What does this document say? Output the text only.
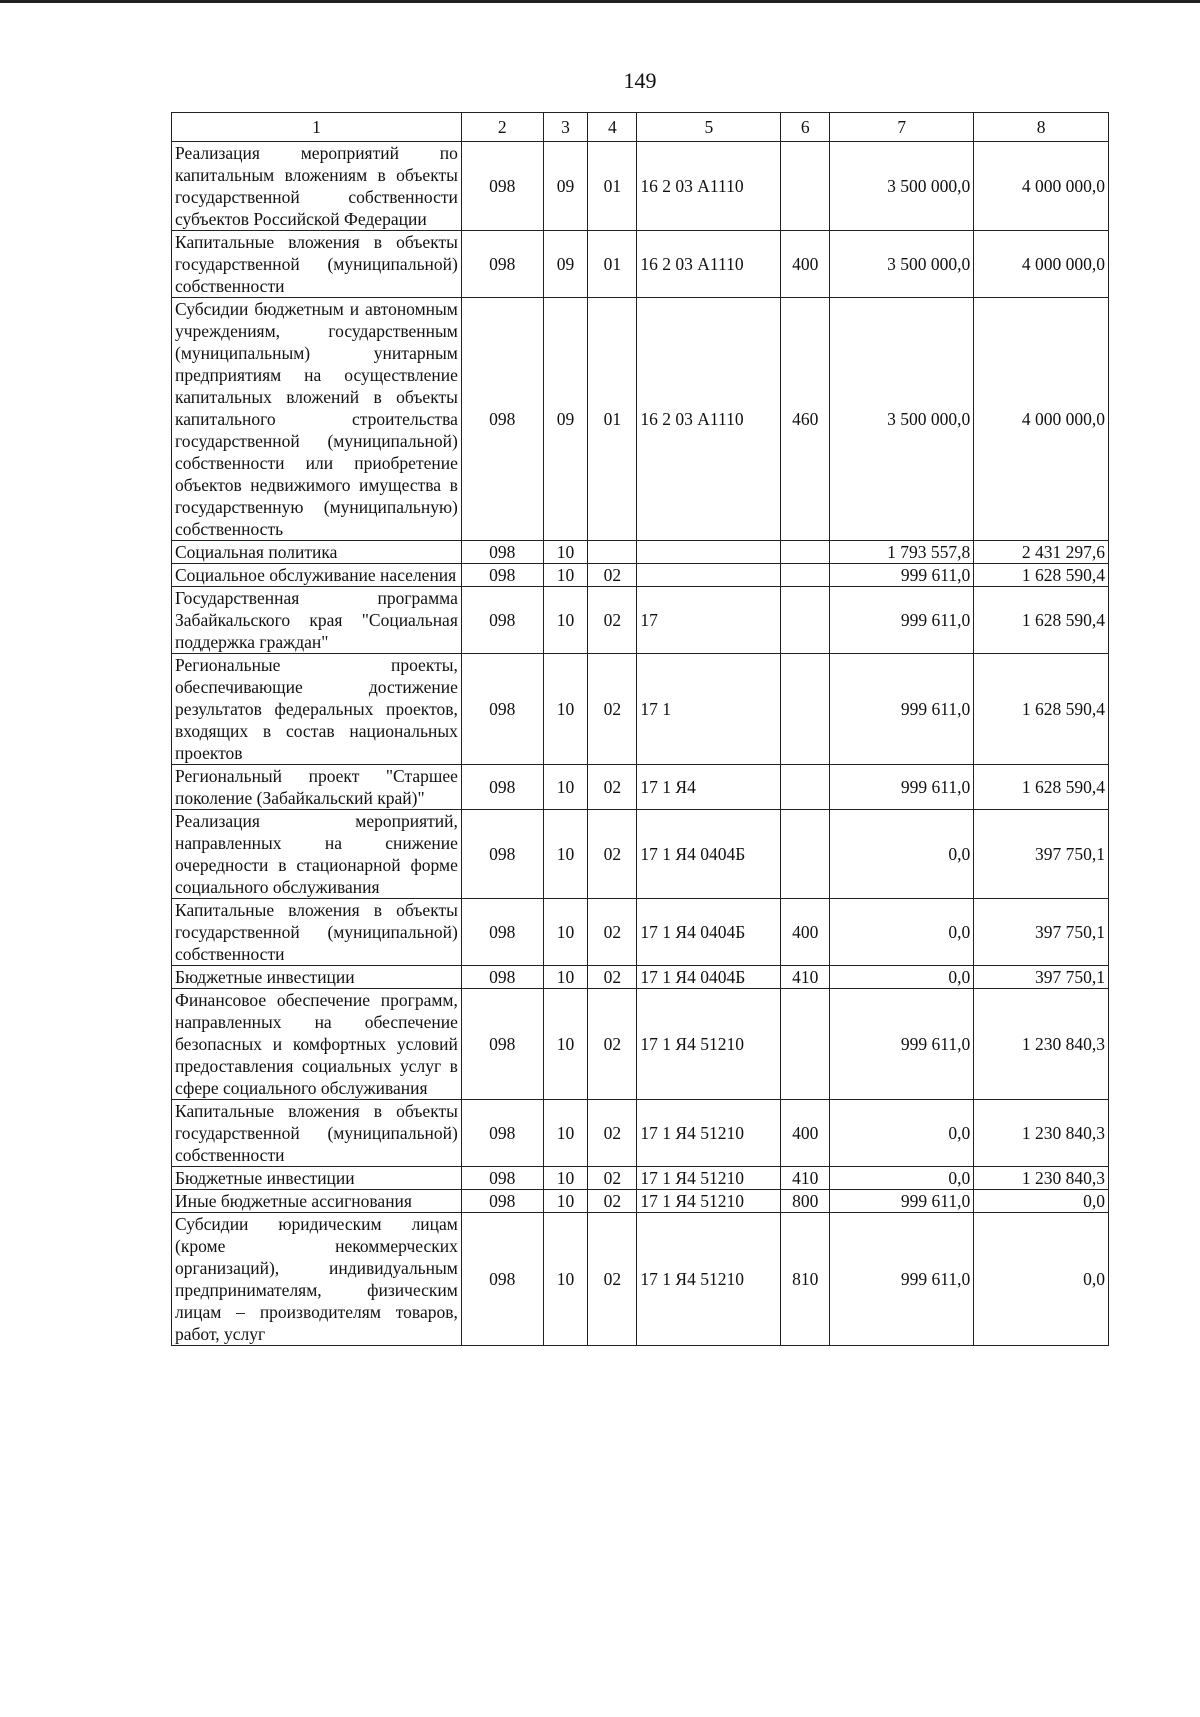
149
1	2	3	4	5	6	7	8
Реализация мероприятий по капитальным вложениям в объекты государственной собственности субъектов Российской Федерации	098	09	01	16 2 03 А1110		3 500 000,0	4 000 000,0
Капитальные вложения в объекты государственной (муниципальной) собственности	098	09	01	16 2 03 А1110	400	3 500 000,0	4 000 000,0
Субсидии бюджетным и автономным учреждениям, государственным (муниципальным) унитарным предприятиям на осуществление капитальных вложений в объекты капитального строительства государственной (муниципальной) собственности или приобретение объектов недвижимого имущества в государственную (муниципальную) собственность	098	09	01	16 2 03 А1110	460	3 500 000,0	4 000 000,0
Социальная политика	098	10				1 793 557,8	2 431 297,6
Социальное обслуживание населения	098	10	02			999 611,0	1 628 590,4
Государственная программа Забайкальского края "Социальная поддержка граждан"	098	10	02	17		999 611,0	1 628 590,4
Региональные проекты, обеспечивающие достижение результатов федеральных проектов, входящих в состав национальных проектов	098	10	02	17 1		999 611,0	1 628 590,4
Региональный проект "Старшее поколение (Забайкальский край)"	098	10	02	17 1 Я4		999 611,0	1 628 590,4
Реализация мероприятий, направленных на снижение очередности в стационарной форме социального обслуживания	098	10	02	17 1 Я4 0404Б		0,0	397 750,1
Капитальные вложения в объекты государственной (муниципальной) собственности	098	10	02	17 1 Я4 0404Б	400	0,0	397 750,1
Бюджетные инвестиции	098	10	02	17 1 Я4 0404Б	410	0,0	397 750,1
Финансовое обеспечение программ, направленных на обеспечение безопасных и комфортных условий предоставления социальных услуг в сфере социального обслуживания	098	10	02	17 1 Я4 51210		999 611,0	1 230 840,3
Капитальные вложения в объекты государственной (муниципальной) собственности	098	10	02	17 1 Я4 51210	400	0,0	1 230 840,3
Бюджетные инвестиции	098	10	02	17 1 Я4 51210	410	0,0	1 230 840,3
Иные бюджетные ассигнования	098	10	02	17 1 Я4 51210	800	999 611,0	0,0
Субсидии юридическим лицам (кроме некоммерческих организаций), индивидуальным предпринимателям, физическим лицам – производителям товаров, работ, услуг	098	10	02	17 1 Я4 51210	810	999 611,0	0,0
